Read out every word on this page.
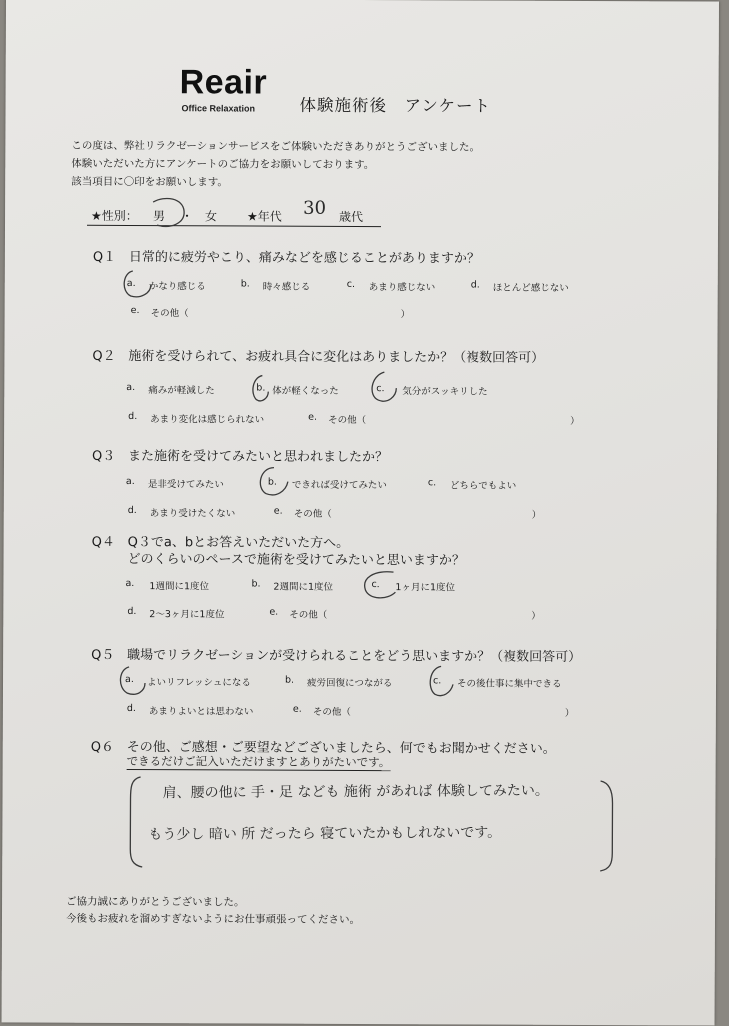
Reair
Office Relaxation	体験施術後　アンケート
この度は、弊社リラクゼーションサービスをご体験いただきありがとうございました。
体験いただいた方にアンケートのご協力をお願いしております。
該当項目に〇印をお願いします。
★性別： 男 ・ 女 ★年代 30 歳代
Q１ 日常的に疲労やこり、痛みなどを感じることがありますか？
a. かなり感じる	b. 時々感じる	c. あまり感じない	d. ほとんど感じない
e. その他（	）
Q２ 施術を受けられて、お疲れ具合に変化はありましたか？（複数回答可）
a. 痛みが軽減した	b. 体が軽くなった	c. 気分がスッキリした
d. あまり変化は感じられない	e. その他（	）
Q３ また施術を受けてみたいと思われましたか？
a. 是非受けてみたい	b. できれば受けてみたい	c. どちらでもよい
d. あまり受けたくない	e. その他（	）
Q４ Q３でa、bとお答えいただいた方へ。
どのくらいのペースで施術を受けてみたいと思いますか？
a. 1週間に1度位	b. 2週間に1度位	c. 1ヶ月に1度位
d. 2～3ヶ月に1度位	e. その他（	）
Q５ 職場でリラクゼーションが受けられることをどう思いますか？（複数回答可）
a. よいリフレッシュになる	b. 疲労回復につながる	c. その後仕事に集中できる
d. あまりよいとは思わない	e. その他（	）
Q６ その他、ご感想・ご要望などございましたら、何でもお聞かせください。
できるだけご記入いただけますとありがたいです。
肩、腰の他に 手・足 なども 施術 があれば 体験してみたい。
もう少し 暗い 所 だったら 寝ていたかもしれないです。
ご協力誠にありがとうございました。
今後もお疲れを溜めすぎないようにお仕事頑張ってください。
